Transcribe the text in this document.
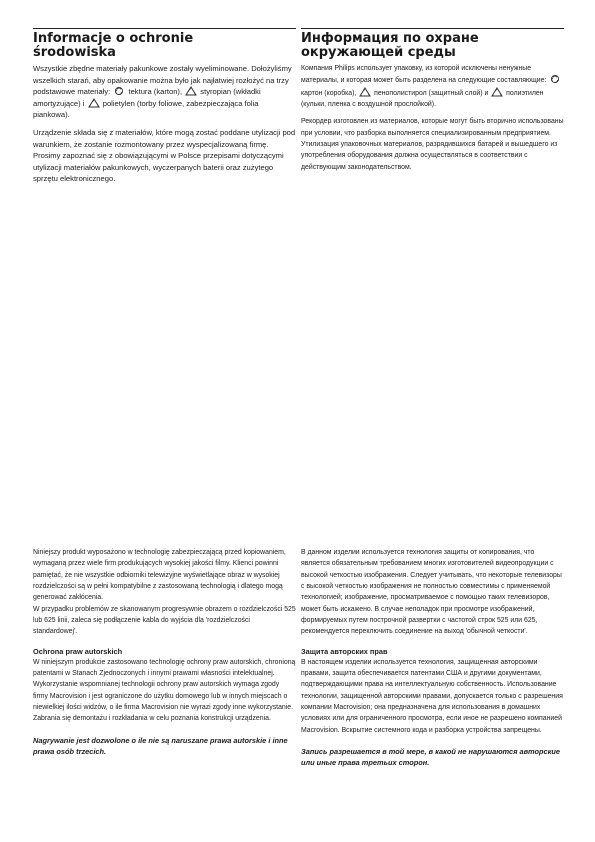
Informacje o ochronie
środowiska

Wszystkie zbędne materiały pakunkowe zostały wyeliminowane. Dołożyliśmy wszelkich starań, aby opakowanie można było jak najłatwiej rozłożyć na trzy podstawowe materiały:
tektura (karton),
styropian (wkładki amortyzujące) i
polietylen (torby foliowe, zabezpieczająca folia piankowa).

Urządzenie składa się z materiałów, które mogą zostać poddane utylizacji pod warunkiem, że zostanie rozmontowany przez wyspecjalizowaną firmę. Prosimy zapoznać się z obowiązującymi w Polsce przepisami dotyczącymi utylizacji materiałów pakunkowych, wyczerpanych baterii oraz zużytego sprzętu elektronicznego.

Информация по охране
окружающей среды

Компания Philips использует упаковку, из которой исключены ненужные материалы, и которая может быть разделена на следующие составляющие:
картон (коробка),
пенополистирол (защитный слой) и
полиэтилен (кульки, пленка с воздушной прослойкой).

Рекордер изготовлен из материалов, которые могут быть вторично использованы при условии, что разборка выполняется специализированным предприятием. Утилизация упаковочных материалов, разрядившихся батарей и вышедшего из употребления оборудования должна осуществляться в соответствии с действующим законодательством.

Niniejszy produkt wyposażono w technologię zabezpieczającą przed kopiowaniem, wymaganą przez wiele firm produkujących wysokiej jakości filmy. Klienci powinni pamiętać, że nie wszystkie odbiorniki telewizyjne wyświetlające obraz w wysokiej rozdzielczości są w pełni kompatybilne z zastosowaną technologią i dlatego mogą generować zakłócenia.

W przypadku problemów ze skanowanym progresywnie obrazem o rozdzielczości 525 lub 625 linii, zaleca się podłączenie kabla do wyjścia dla 'rozdzielczości standardowej'.

Ochrona praw autorskich

W niniejszym produkcie zastosowano technologię ochrony praw autorskich, chronioną patentami w Stanach Zjednoczonych i innymi prawami własności intelektualnej.

Wykorzystanie wspomnianej technologii ochrony praw autorskich wymaga zgody firmy Macrovision i jest ograniczone do użytku domowego lub w innych miejscach o niewielkiej ilości widzów, o ile firma Macrovision nie wyrazi zgody inne wykorzystanie. Zabrania się demontażu i rozkładania w celu poznania konstrukcji urządzenia.

Nagrywanie jest dozwolone o ile nie są naruszane prawa autorskie i inne prawa osób trzecich.

В данном изделии используется технология защиты от копирования, что является обязательным требованием многих изготовителей видеопродукции с высокой четкостью изображения. Следует учитывать, что некоторые телевизоры с высокой четкостью изображения не полностью совместимы с применяемой технологией; изображение, просматриваемое с помощью таких телевизоров, может быть искажено. В случае неполадок при просмотре изображений, формируемых путем построчной развертки с частотой строк 525 или 625, рекомендуется переключить соединение на выход 'обычной четкости'.

Защита авторских прав

В настоящем изделии используется технология, защищенная авторскими правами, защита обеспечивается патентами США и другими документами, подтверждающими права на интеллектуальную собственность. Использование технологии, защищенной авторскими правами, допускается только с разрешения компании Macrovision; она предназначена для использования в домашних условиях или для ограниченного просмотра, если иное не разрешено компанией Macrovision. Вскрытие системного кода и разборка устройства запрещены.

Запись разрешается в той мере, в какой не нарушаются авторские или иные права третьих сторон.
